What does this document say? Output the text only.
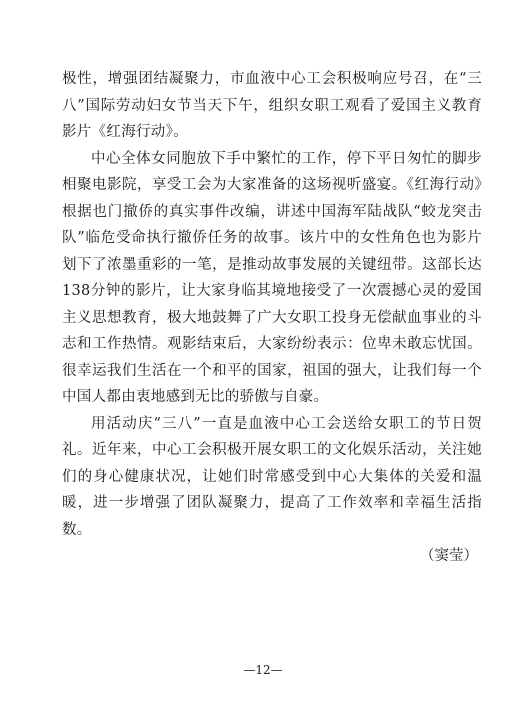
极性，增强团结凝聚力，市血液中心工会积极响应号召，在“三八”国际劳动妇女节当天下午，组织女职工观看了爱国主义教育影片《红海行动》。

中心全体女同胞放下手中繁忙的工作，停下平日匆忙的脚步相聚电影院，享受工会为大家准备的这场视听盛宴。《红海行动》根据也门撤侨的真实事件改编，讲述中国海军陆战队“蛟龙突击队”临危受命执行撤侨任务的故事。该片中的女性角色也为影片划下了浓墨重彩的一笔，是推动故事发展的关键纽带。这部长达138分钟的影片，让大家身临其境地接受了一次震撼心灵的爱国主义思想教育，极大地鼓舞了广大女职工投身无偿献血事业的斗志和工作热情。观影结束后，大家纷纷表示：位卑未敢忘忧国。很幸运我们生活在一个和平的国家，祖国的强大，让我们每一个中国人都由衷地感到无比的骄傲与自豪。

用活动庆“三八”一直是血液中心工会送给女职工的节日贺礼。近年来，中心工会积极开展女职工的文化娱乐活动，关注她们的身心健康状况，让她们时常感受到中心大集体的关爱和温暖，进一步增强了团队凝聚力，提高了工作效率和幸福生活指数。

（窦莹）

—12—
